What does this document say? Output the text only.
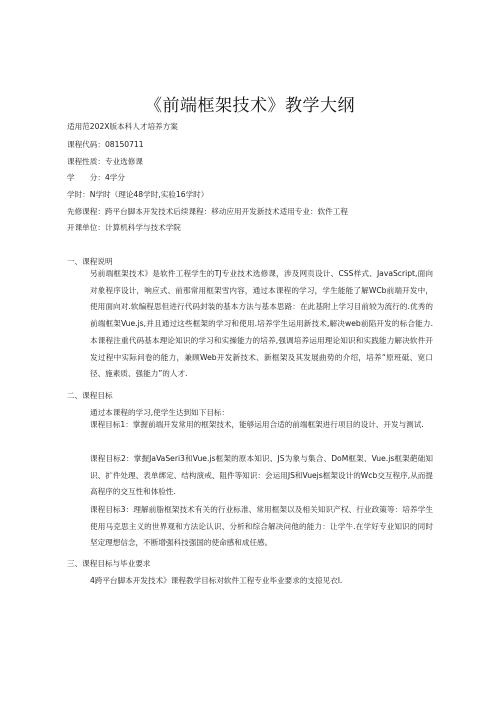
《前端框架技术》教学大纲
适用范202X版本科人才培养方案
课程代码：08150711
课程性质：专业选修课
学　　分：4学分
学时：N学时（理论48学时,实验16学时）
先修课程：跨平台脚本开发技术后续课程：移动应用开发新技术适用专业：软件工程
开课单位：计算机科学与技术学院
一、课程说明
另前端框架技术》是软件工程学生的TJ专业技术选修课，涉及网页设计、CSS样式、JavaScript,面向对象程序设计，响应式、前那常用框架雪内容，通过本课程的学习，学生能能了解WCb前端开发中，使用面向对.软编程思但进行代码封装的基本方法与基本思路：在此基附上学习目前较为流行的.优秀的前端框架Vue.js,并且通过这些框架的学习和使用.培养学生运用新技术,解决web前陷开发的标合能力.本课程注重代码基本理论知识的学习和实操能力的培养,强调培养运用理论知识和实践能力解决软件开发过程中实际问卷的能力，兼顾Web开发新技术、新框架及其发展曲势的介绍，培养“原班砥、宽口径、施素质、强能力”的人才.
二、课程目标
通过本课程的学习,使学生达到如下目标：
课程目标1：掌握前端开发常用的框架技术，能够运用合适的前端框架进行项目的设计、开发与测试.
课程目标2：掌握JaVaSeri3和Vue.js框架的原本知识、JS为象与集合、DoM框架、Vue.js框架葩础知识、扩件处理、表单绑定、结构演戒、阻件等知识：会运用JS和Vuejs框架设计的Wcb交互程序,从而提高程序的交互性和体验性.
课程目标3：理解前脂框架技术有关的行业标准、常用框架以及相关知识产权、行业政策等：培养学生使用马克思主义的世界观和方法论认识、分析和综合解决问他的能力：让学牛.在学好专业知识的同时坚定理想信念，不断增强科技强国的使命感和成任感。
三、课程目标与毕业要求
4跨平台脚本开发技术》课程教学目标对软件工程专业毕业要求的支掠见衣l.
